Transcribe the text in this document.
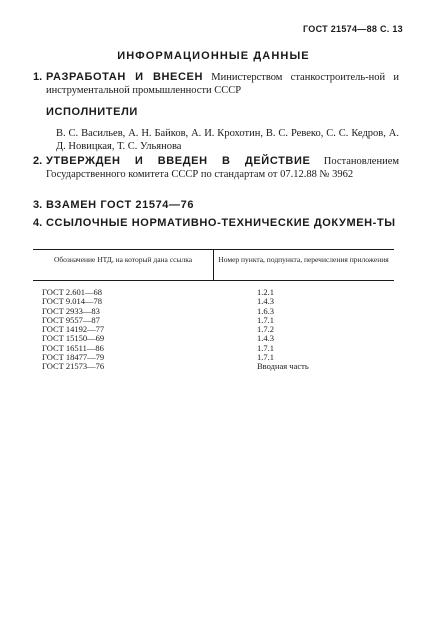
ГОСТ 21574—88 С. 13
ИНФОРМАЦИОННЫЕ ДАННЫЕ
1. РАЗРАБОТАН И ВНЕСЕН Министерством станкостроитель-ной и инструментальной промышленности СССР
ИСПОЛНИТЕЛИ
В. С. Васильев, А. Н. Байков, А. И. Крохотин, В. С. Ревеко, С. С. Кедров, А. Д. Новицкая, Т. С. Ульянова
2. УТВЕРЖДЕН И ВВЕДЕН В ДЕЙСТВИЕ Постановлением Государственного комитета СССР по стандартам от 07.12.88 № 3962
3. ВЗАМЕН ГОСТ 21574—76
4. ССЫЛОЧНЫЕ НОРМАТИВНО-ТЕХНИЧЕСКИЕ ДОКУМЕН-ТЫ
Обозначение НТД, на который дана ссылка	Номер пункта, подпункта, перечисления приложения
ГОСТ 2.601—68	1.2.1
ГОСТ 9.014—78	1.4.3
ГОСТ 2933—83	1.6.3
ГОСТ 9557—87	1.7.1
ГОСТ 14192—77	1.7.2
ГОСТ 15150—69	1.4.3
ГОСТ 16511—86	1.7.1
ГОСТ 18477—79	1.7.1
ГОСТ 21573—76	Вводная часть
